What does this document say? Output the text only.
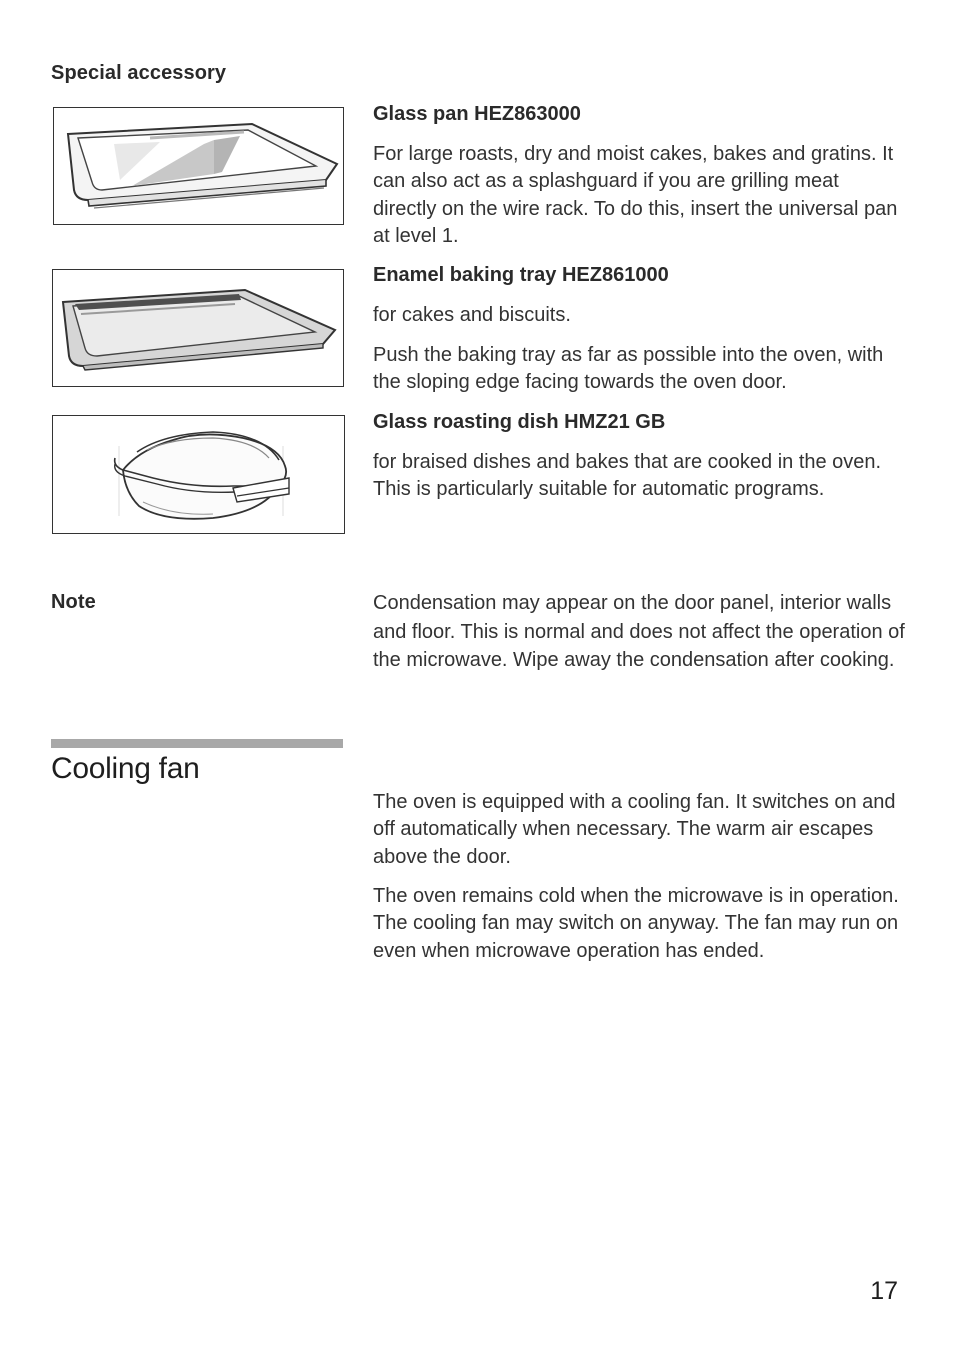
Special accessory
Glass pan HEZ863000
For large roasts, dry and moist cakes, bakes and gratins. It can also act as a splashguard if you are grilling meat directly on the wire rack. To do this, insert the universal pan at level 1.
Enamel baking tray HEZ861000
for cakes and biscuits.
Push the baking tray as far as possible into the oven, with the sloping edge facing towards the oven door.
Glass roasting dish HMZ21 GB
for braised dishes and bakes that are cooked in the oven. This is particularly suitable for automatic programs.
Note	Condensation may appear on the door panel, interior walls and floor. This is normal and does not affect the operation of the microwave. Wipe away the condensation after cooking.
Cooling fan
The oven is equipped with a cooling fan. It switches on and off automatically when necessary. The warm air escapes above the door.
The oven remains cold when the microwave is in operation. The cooling fan may switch on anyway. The fan may run on even when microwave operation has ended.
17
